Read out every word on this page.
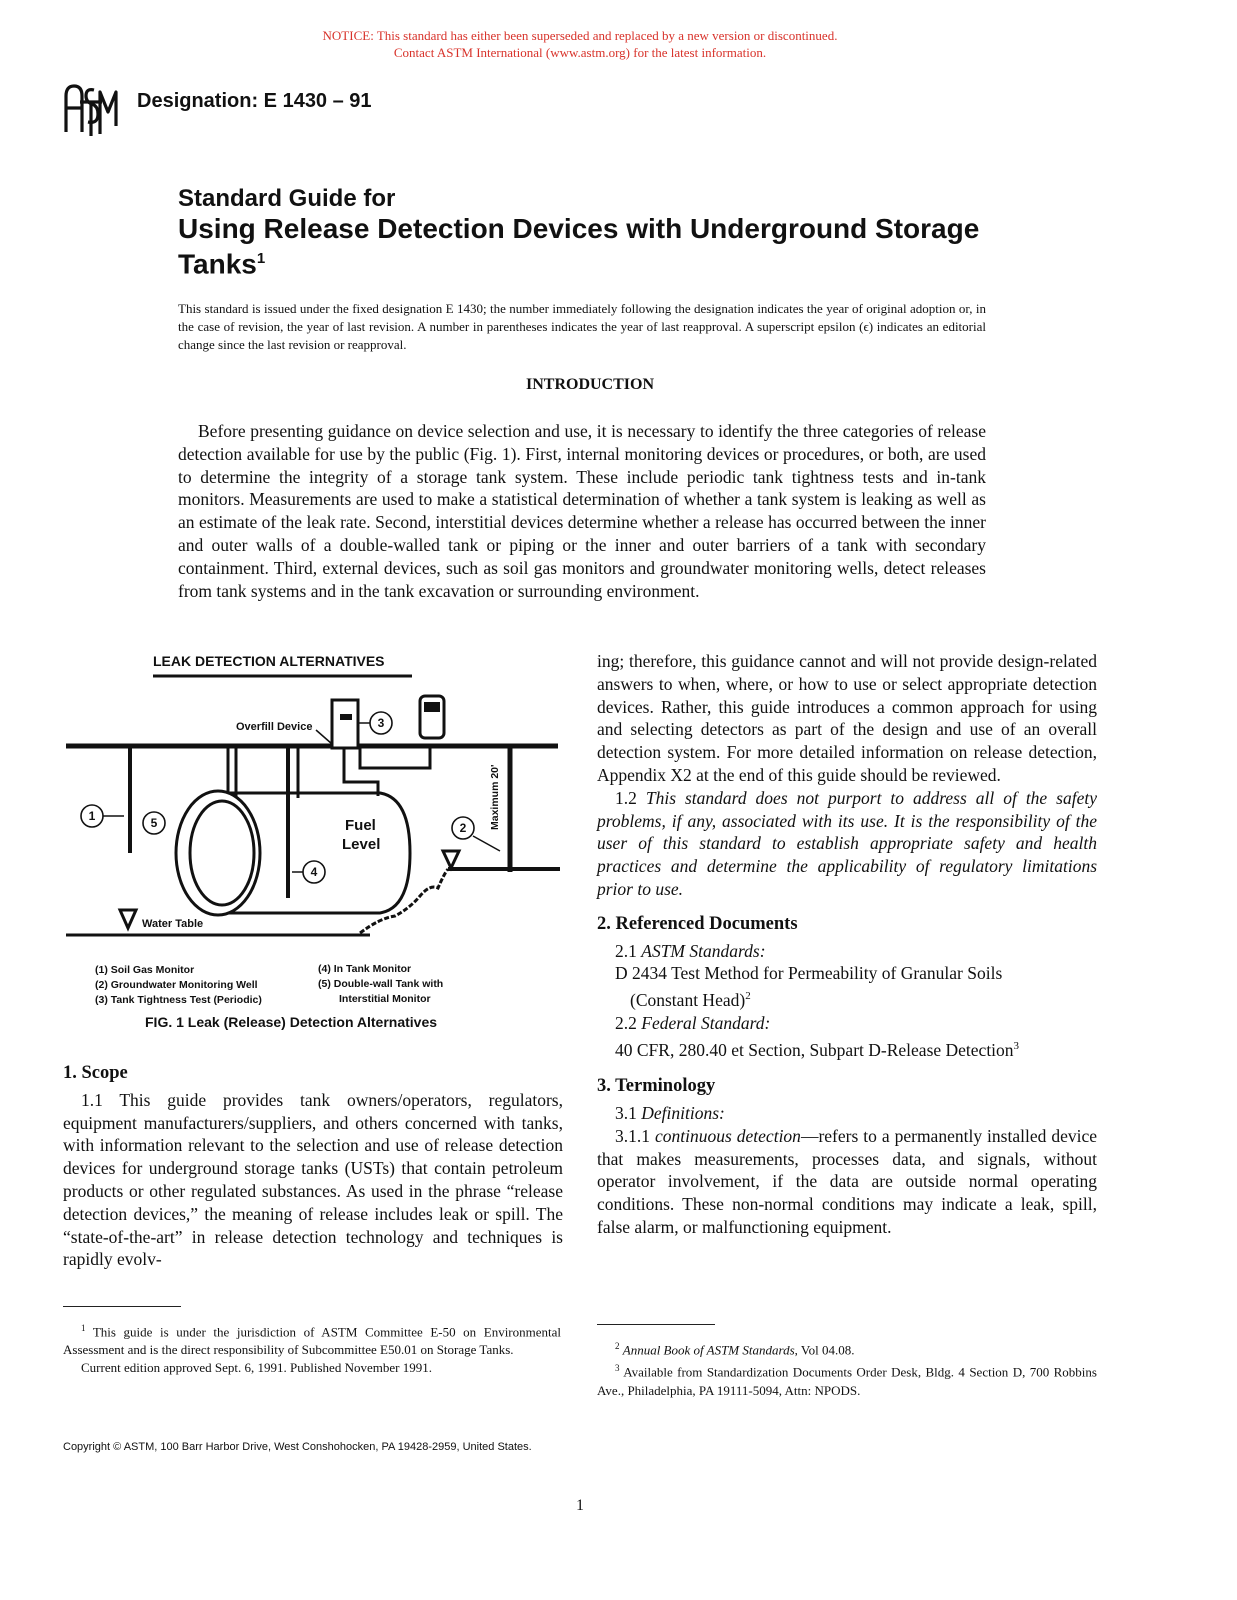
NOTICE: This standard has either been superseded and replaced by a new version or discontinued.
Contact ASTM International (www.astm.org) for the latest information.
Designation: E 1430 – 91
Standard Guide for
Using Release Detection Devices with Underground Storage
Tanks$^1$
This standard is issued under the fixed designation E 1430; the number immediately following the designation indicates the year of original adoption or, in the case of revision, the year of last revision. A number in parentheses indicates the year of last reapproval. A superscript epsilon (ϵ) indicates an editorial change since the last revision or reapproval.
INTRODUCTION
Before presenting guidance on device selection and use, it is necessary to identify the three categories of release detection available for use by the public (Fig. 1). First, internal monitoring devices or procedures, or both, are used to determine the integrity of a storage tank system. These include periodic tank tightness tests and in-tank monitors. Measurements are used to make a statistical determination of whether a tank system is leaking as well as an estimate of the leak rate. Second, interstitial devices determine whether a release has occurred between the inner and outer walls of a double-walled tank or piping or the inner and outer barriers of a tank with secondary containment. Third, external devices, such as soil gas monitors and groundwater monitoring wells, detect releases from tank systems and in the tank excavation or surrounding environment.
LEAK DETECTION ALTERNATIVES
Overfill Device
Water Table
Fuel
Level
Maximum 20'
1
2
3
4
5
(1) Soil Gas Monitor
(2) Groundwater Monitoring Well
(3) Tank Tightness Test (Periodic)
(4) In Tank Monitor
(5) Double-wall Tank with
Interstitial Monitor
FIG. 1 Leak (Release) Detection Alternatives
1. Scope

1.1 This guide provides tank owners/operators, regulators, equipment manufacturers/suppliers, and others concerned with tanks, with information relevant to the selection and use of release detection devices for underground storage tanks (USTs) that contain petroleum products or other regulated substances. As used in the phrase “release detection devices,” the meaning of release includes leak or spill. The “state-of-the-art” in release detection technology and techniques is rapidly evolv-

ing; therefore, this guidance cannot and will not provide design-related answers to when, where, or how to use or select appropriate detection devices. Rather, this guide introduces a common approach for using and selecting detectors as part of the design and use of an overall detection system. For more detailed information on release detection, Appendix X2 at the end of this guide should be reviewed.

1.2 This standard does not purport to address all of the safety problems, if any, associated with its use. It is the responsibility of the user of this standard to establish appropriate safety and health practices and determine the applicability of regulatory limitations prior to use.

2. Referenced Documents

2.1 ASTM Standards:

D 2434 Test Method for Permeability of Granular Soils

(Constant Head)$^2$

2.2 Federal Standard:

40 CFR, 280.40 et Section, Subpart D-Release Detection$^3$

3. Terminology

3.1 Definitions:

3.1.1 continuous detection—refers to a permanently installed device that makes measurements, processes data, and signals, without operator involvement, if the data are outside normal operating conditions. These non-normal conditions may indicate a leak, spill, false alarm, or malfunctioning equipment.

$^1$ This guide is under the jurisdiction of ASTM Committee E-50 on Environmental Assessment and is the direct responsibility of Subcommittee E50.01 on Storage Tanks.

Current edition approved Sept. 6, 1991. Published November 1991.

$^2$ Annual Book of ASTM Standards, Vol 04.08.

$^3$ Available from Standardization Documents Order Desk, Bldg. 4 Section D, 700 Robbins Ave., Philadelphia, PA 19111-5094, Attn: NPODS.

Copyright © ASTM, 100 Barr Harbor Drive, West Conshohocken, PA 19428-2959, United States.
1
